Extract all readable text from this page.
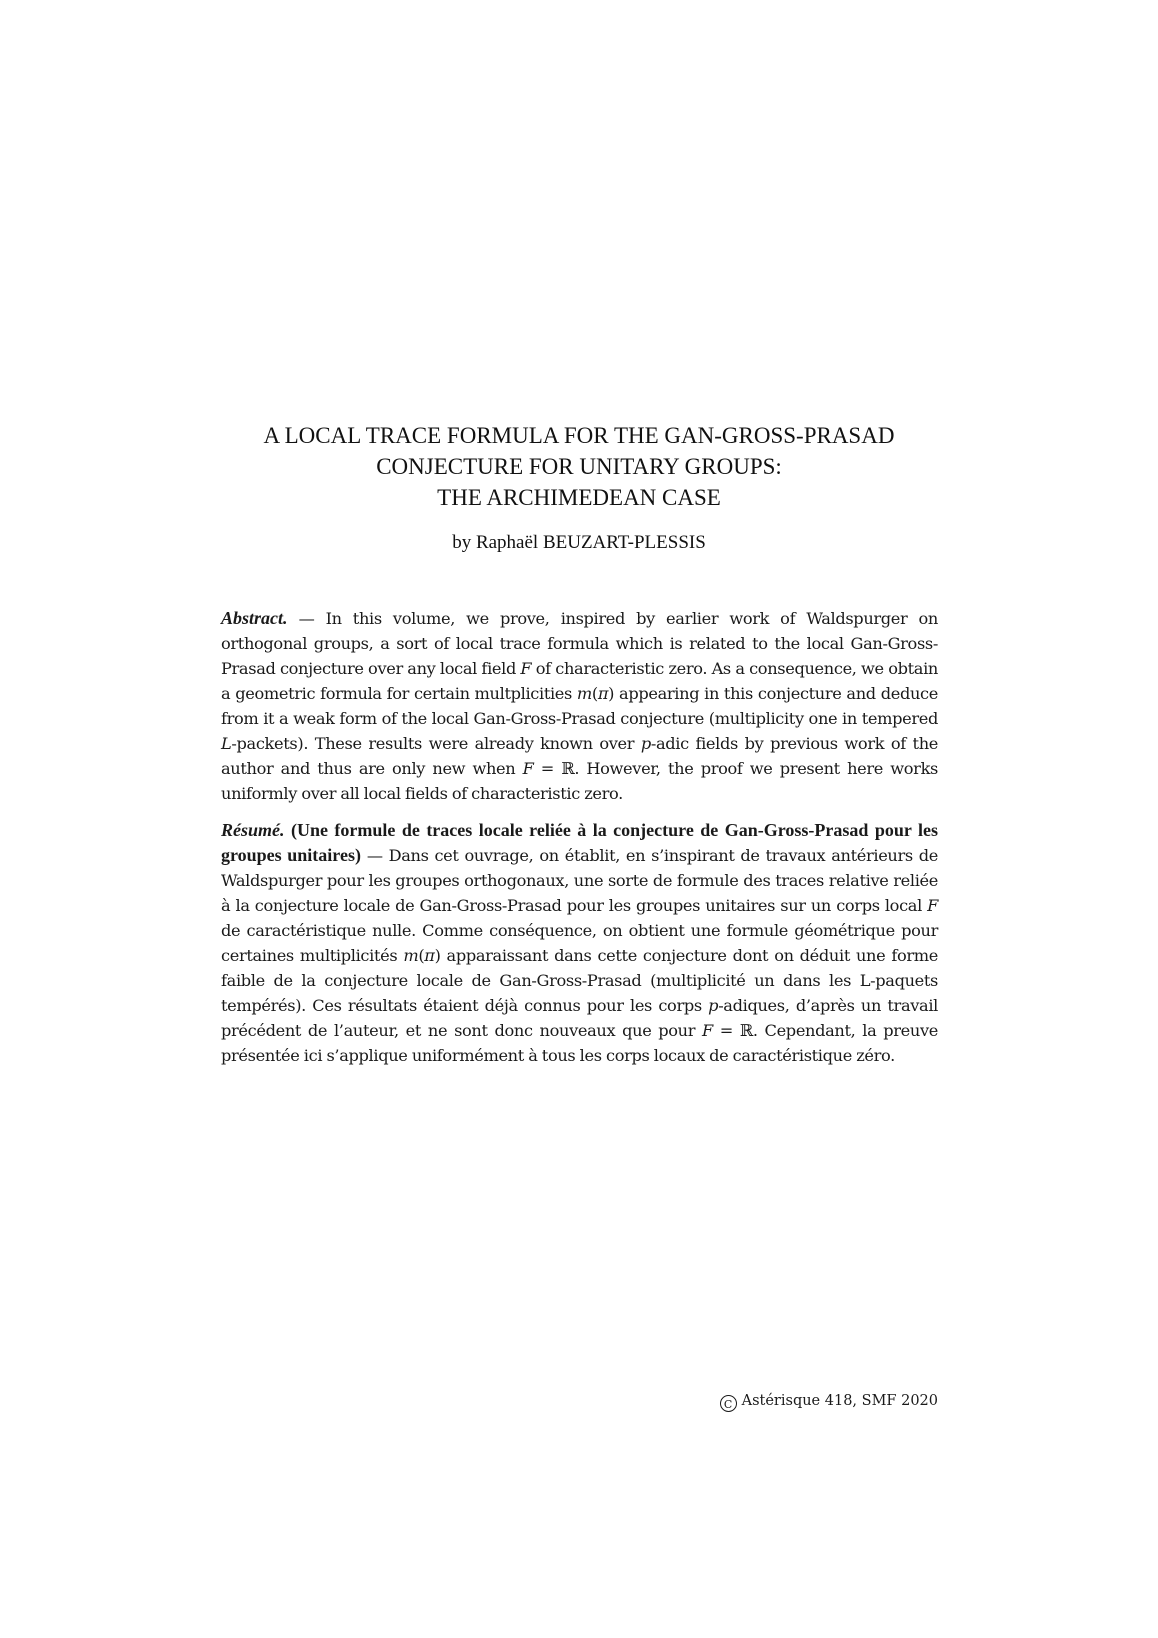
A LOCAL TRACE FORMULA FOR THE GAN-GROSS-PRASAD
CONJECTURE FOR UNITARY GROUPS:
THE ARCHIMEDEAN CASE
by Raphaël BEUZART-PLESSIS
Abstract. — In this volume, we prove, inspired by earlier work of Waldspurger on orthogonal groups, a sort of local trace formula which is related to the local Gan-Gross-Prasad conjecture over any local field F of characteristic zero. As a consequence, we obtain a geometric formula for certain multplicities m(π) appearing in this conjecture and deduce from it a weak form of the local Gan-Gross-Prasad conjecture (multiplicity one in tempered L-packets). These results were already known over p-adic fields by previous work of the author and thus are only new when F = ℝ. However, the proof we present here works uniformly over all local fields of characteristic zero.
Résumé. (Une formule de traces locale reliée à la conjecture de Gan-Gross-Prasad pour les groupes unitaires) — Dans cet ouvrage, on établit, en s’inspirant de travaux antérieurs de Waldspurger pour les groupes orthogonaux, une sorte de formule des traces relative reliée à la conjecture locale de Gan-Gross-Prasad pour les groupes unitaires sur un corps local F de caractéristique nulle. Comme conséquence, on obtient une formule géométrique pour certaines multiplicités m(π) apparaissant dans cette conjecture dont on déduit une forme faible de la conjecture locale de Gan-Gross-Prasad (multiplicité un dans les L-paquets tempérés). Ces résultats étaient déjà connus pour les corps p-adiques, d’après un travail précédent de l’auteur, et ne sont donc nouveaux que pour F = ℝ. Cependant, la preuve présentée ici s’applique uniformément à tous les corps locaux de caractéristique zéro.
C Astérisque 418, SMF 2020
